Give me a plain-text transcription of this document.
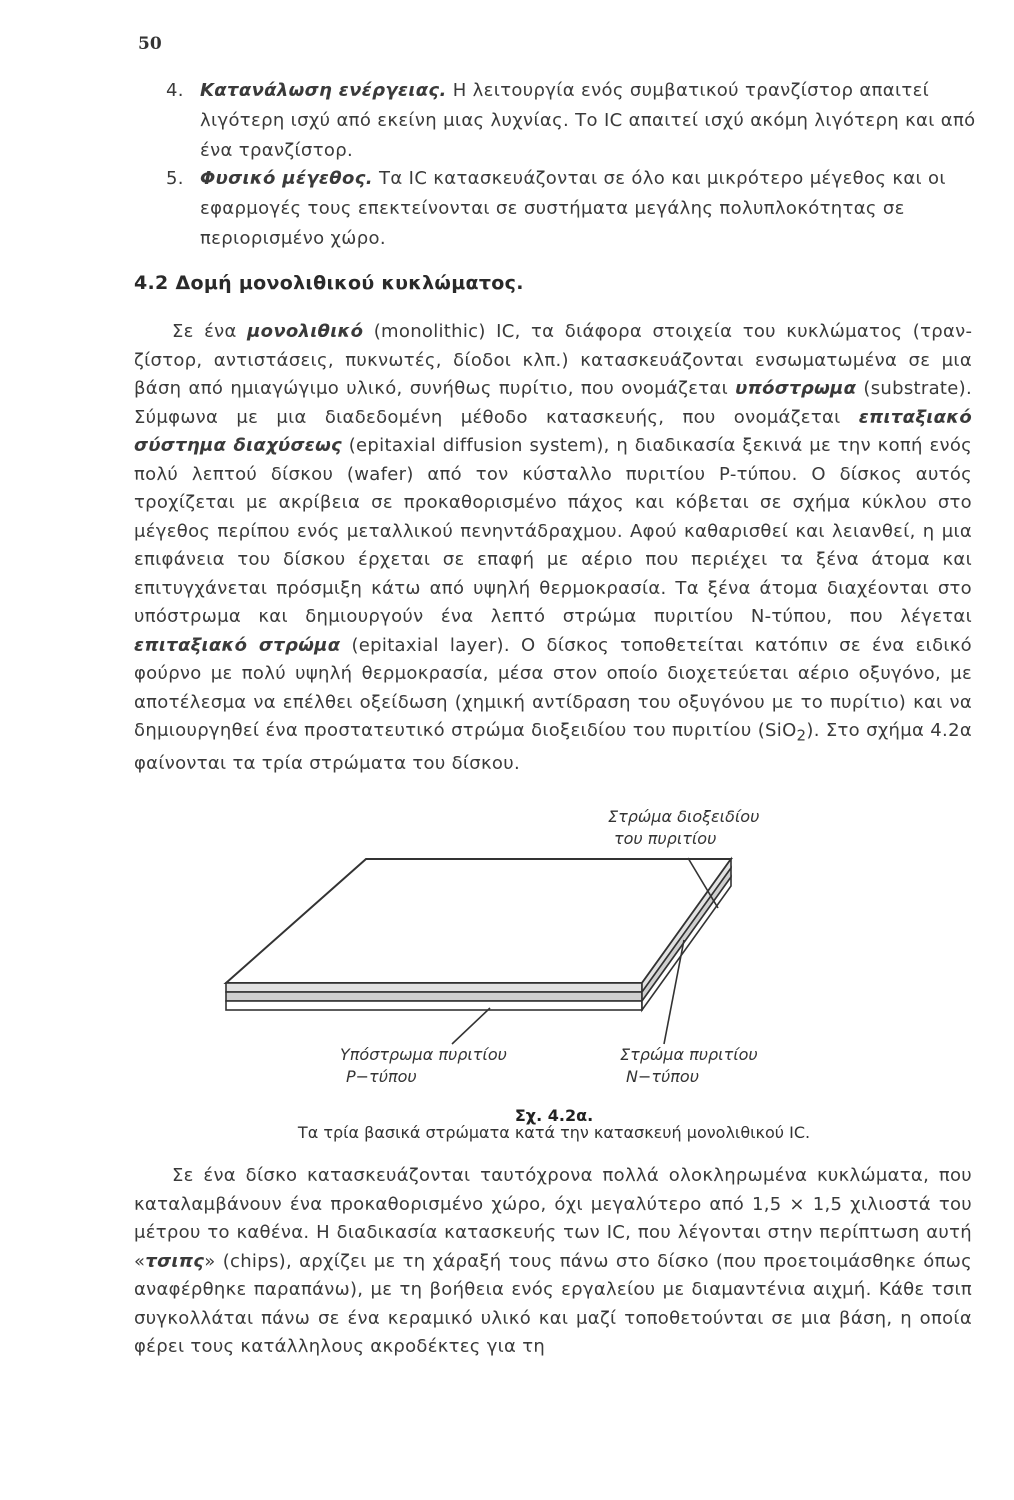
50
4. Κατανάλωση ενέργειας. Η λειτουργία ενός συμβατικού τρανζίστορ απαιτεί λιγότερη ισχύ από εκείνη μιας λυχνίας. Το IC απαιτεί ισχύ ακόμη λιγότερη και από ένα τρανζίστορ.
5. Φυσικό μέγεθος. Τα IC κατασκευάζονται σε όλο και μικρότερο μέγεθος και οι εφαρμογές τους επεκτείνονται σε συστήματα μεγάλης πολυπλοκότητας σε περιορισμένο χώρο.
4.2 Δομή μονολιθικού κυκλώματος.

Σε ένα μονολιθικό (monolithic) IC, τα διάφορα στοιχεία του κυκλώματος (τρανζίστορ, αντιστάσεις, πυκνωτές, δίοδοι κλπ.) κατασκευάζονται ενσωματωμένα σε μια βάση από ημιαγώγιμο υλικό, συνήθως πυρίτιο, που ονομάζεται υπόστρωμα (substrate). Σύμφωνα με μια διαδεδομένη μέθοδο κατασκευής, που ονομάζεται επιταξιακό σύστημα διαχύσεως (epitaxial diffusion system), η διαδικασία ξεκινά με την κοπή ενός πολύ λεπτού δίσκου (wafer) από τον κύσταλλο πυριτίου P-τύπου. Ο δίσκος αυτός τροχίζεται με ακρίβεια σε προκαθορισμένο πάχος και κόβεται σε σχήμα κύκλου στο μέγεθος περίπου ενός μεταλλικού πενηντάδραχμου. Αφού καθαρισθεί και λειανθεί, η μια επιφάνεια του δίσκου έρχεται σε επαφή με αέριο που περιέχει τα ξένα άτομα και επιτυγχάνεται πρόσμιξη κάτω από υψηλή θερμοκρασία. Τα ξένα άτομα διαχέονται στο υπόστρωμα και δημιουργούν ένα λεπτό στρώμα πυριτίου N-τύπου, που λέγεται επιταξιακό στρώμα (epitaxial layer). Ο δίσκος τοποθετείται κατόπιν σε ένα ειδικό φούρνο με πολύ υψηλή θερμοκρασία, μέσα στον οποίο διοχετεύεται αέριο οξυγόνο, με αποτέλεσμα να επέλθει οξείδωση (χημική αντίδραση του οξυγόνου με το πυρίτιο) και να δημιουργηθεί ένα προστατευτικό στρώμα διοξειδίου του πυριτίου (SiO$_2$). Στο σχήμα 4.2α φαίνονται τα τρία στρώματα του δίσκου.

Στρώμα διοξειδίου
του πυριτίου
Υπόστρωμα πυριτίου
P−τύπου
Στρώμα πυριτίου
N−τύπου
Σχ. 4.2α.
Τα τρία βασικά στρώματα κατά την κατασκευή μονολιθικού IC.

Σε ένα δίσκο κατασκευάζονται ταυτόχρονα πολλά ολοκληρωμένα κυκλώματα, που καταλαμβάνουν ένα προκαθορισμένο χώρο, όχι μεγαλύτερο από 1,5 × 1,5 χιλιοστά του μέτρου το καθένα. Η διαδικασία κατασκευής των IC, που λέγονται στην περίπτωση αυτή «τσιπς» (chips), αρχίζει με τη χάραξή τους πάνω στο δίσκο (που προετοιμάσθηκε όπως αναφέρθηκε παραπάνω), με τη βοήθεια ενός εργαλείου με διαμαντένια αιχμή. Κάθε τσιπ συγκολλάται πάνω σε ένα κεραμικό υλικό και μαζί τοποθετούνται σε μια βάση, η οποία φέρει τους κατάλληλους ακροδέκτες για τη
